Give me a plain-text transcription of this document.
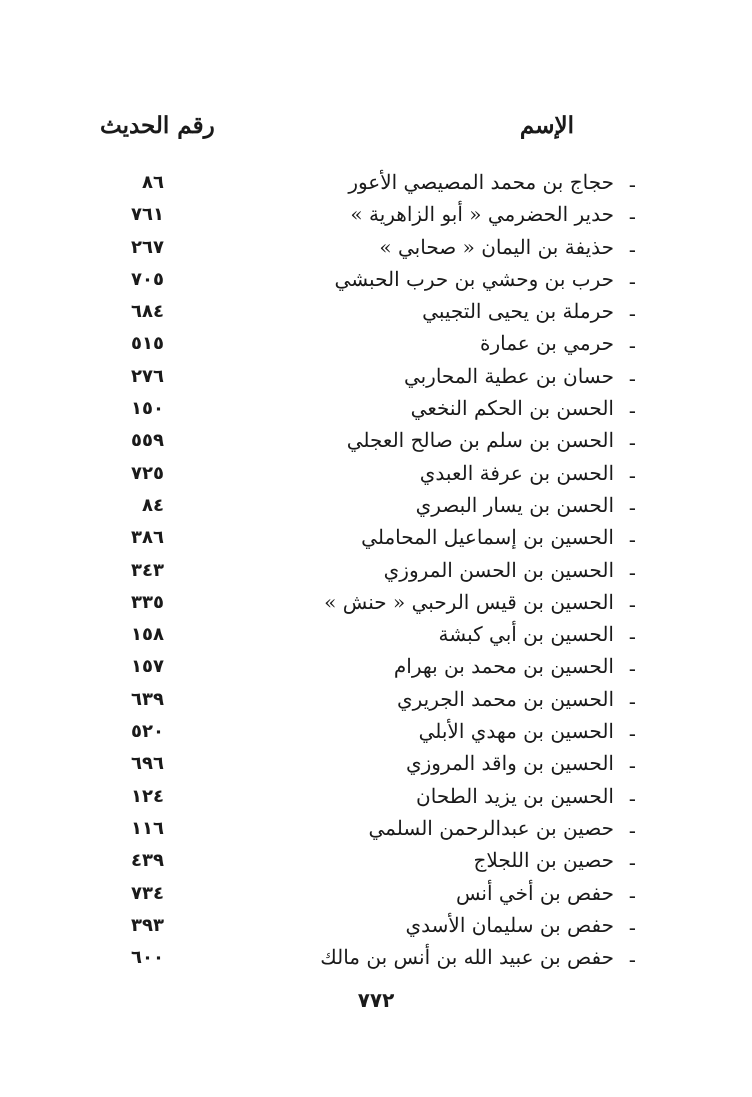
الإسم
رقم الحديث
-
حجاج بن محمد المصيصي الأعور
٨٦
-
حدير الحضرمي « أبو الزاهرية »
٧٦١
-
حذيفة بن اليمان « صحابي »
٢٦٧
-
حرب بن وحشي بن حرب الحبشي
٧٠٥
-
حرملة بن يحيى التجيبي
٦٨٤
-
حرمي بن عمارة
٥١٥
-
حسان بن عطية المحاربي
٢٧٦
-
الحسن بن الحكم النخعي
١٥٠
-
الحسن بن سلم بن صالح العجلي
٥٥٩
-
الحسن بن عرفة العبدي
٧٢٥
-
الحسن بن يسار البصري
٨٤
-
الحسين بن إسماعيل المحاملي
٣٨٦
-
الحسين بن الحسن المروزي
٣٤٣
-
الحسين بن قيس الرحبي « حنش »
٣٣٥
-
الحسين بن أبي كبشة
١٥٨
-
الحسين بن محمد بن بهرام
١٥٧
-
الحسين بن محمد الجريري
٦٣٩
-
الحسين بن مهدي الأبلي
٥٢٠
-
الحسين بن واقد المروزي
٦٩٦
-
الحسين بن يزيد الطحان
١٢٤
-
حصين بن عبدالرحمن السلمي
١١٦
-
حصين بن اللجلاج
٤٣٩
-
حفص بن أخي أنس
٧٣٤
-
حفص بن سليمان الأسدي
٣٩٣
-
حفص بن عبيد الله بن أنس بن مالك
٦٠٠
٧٧٢
